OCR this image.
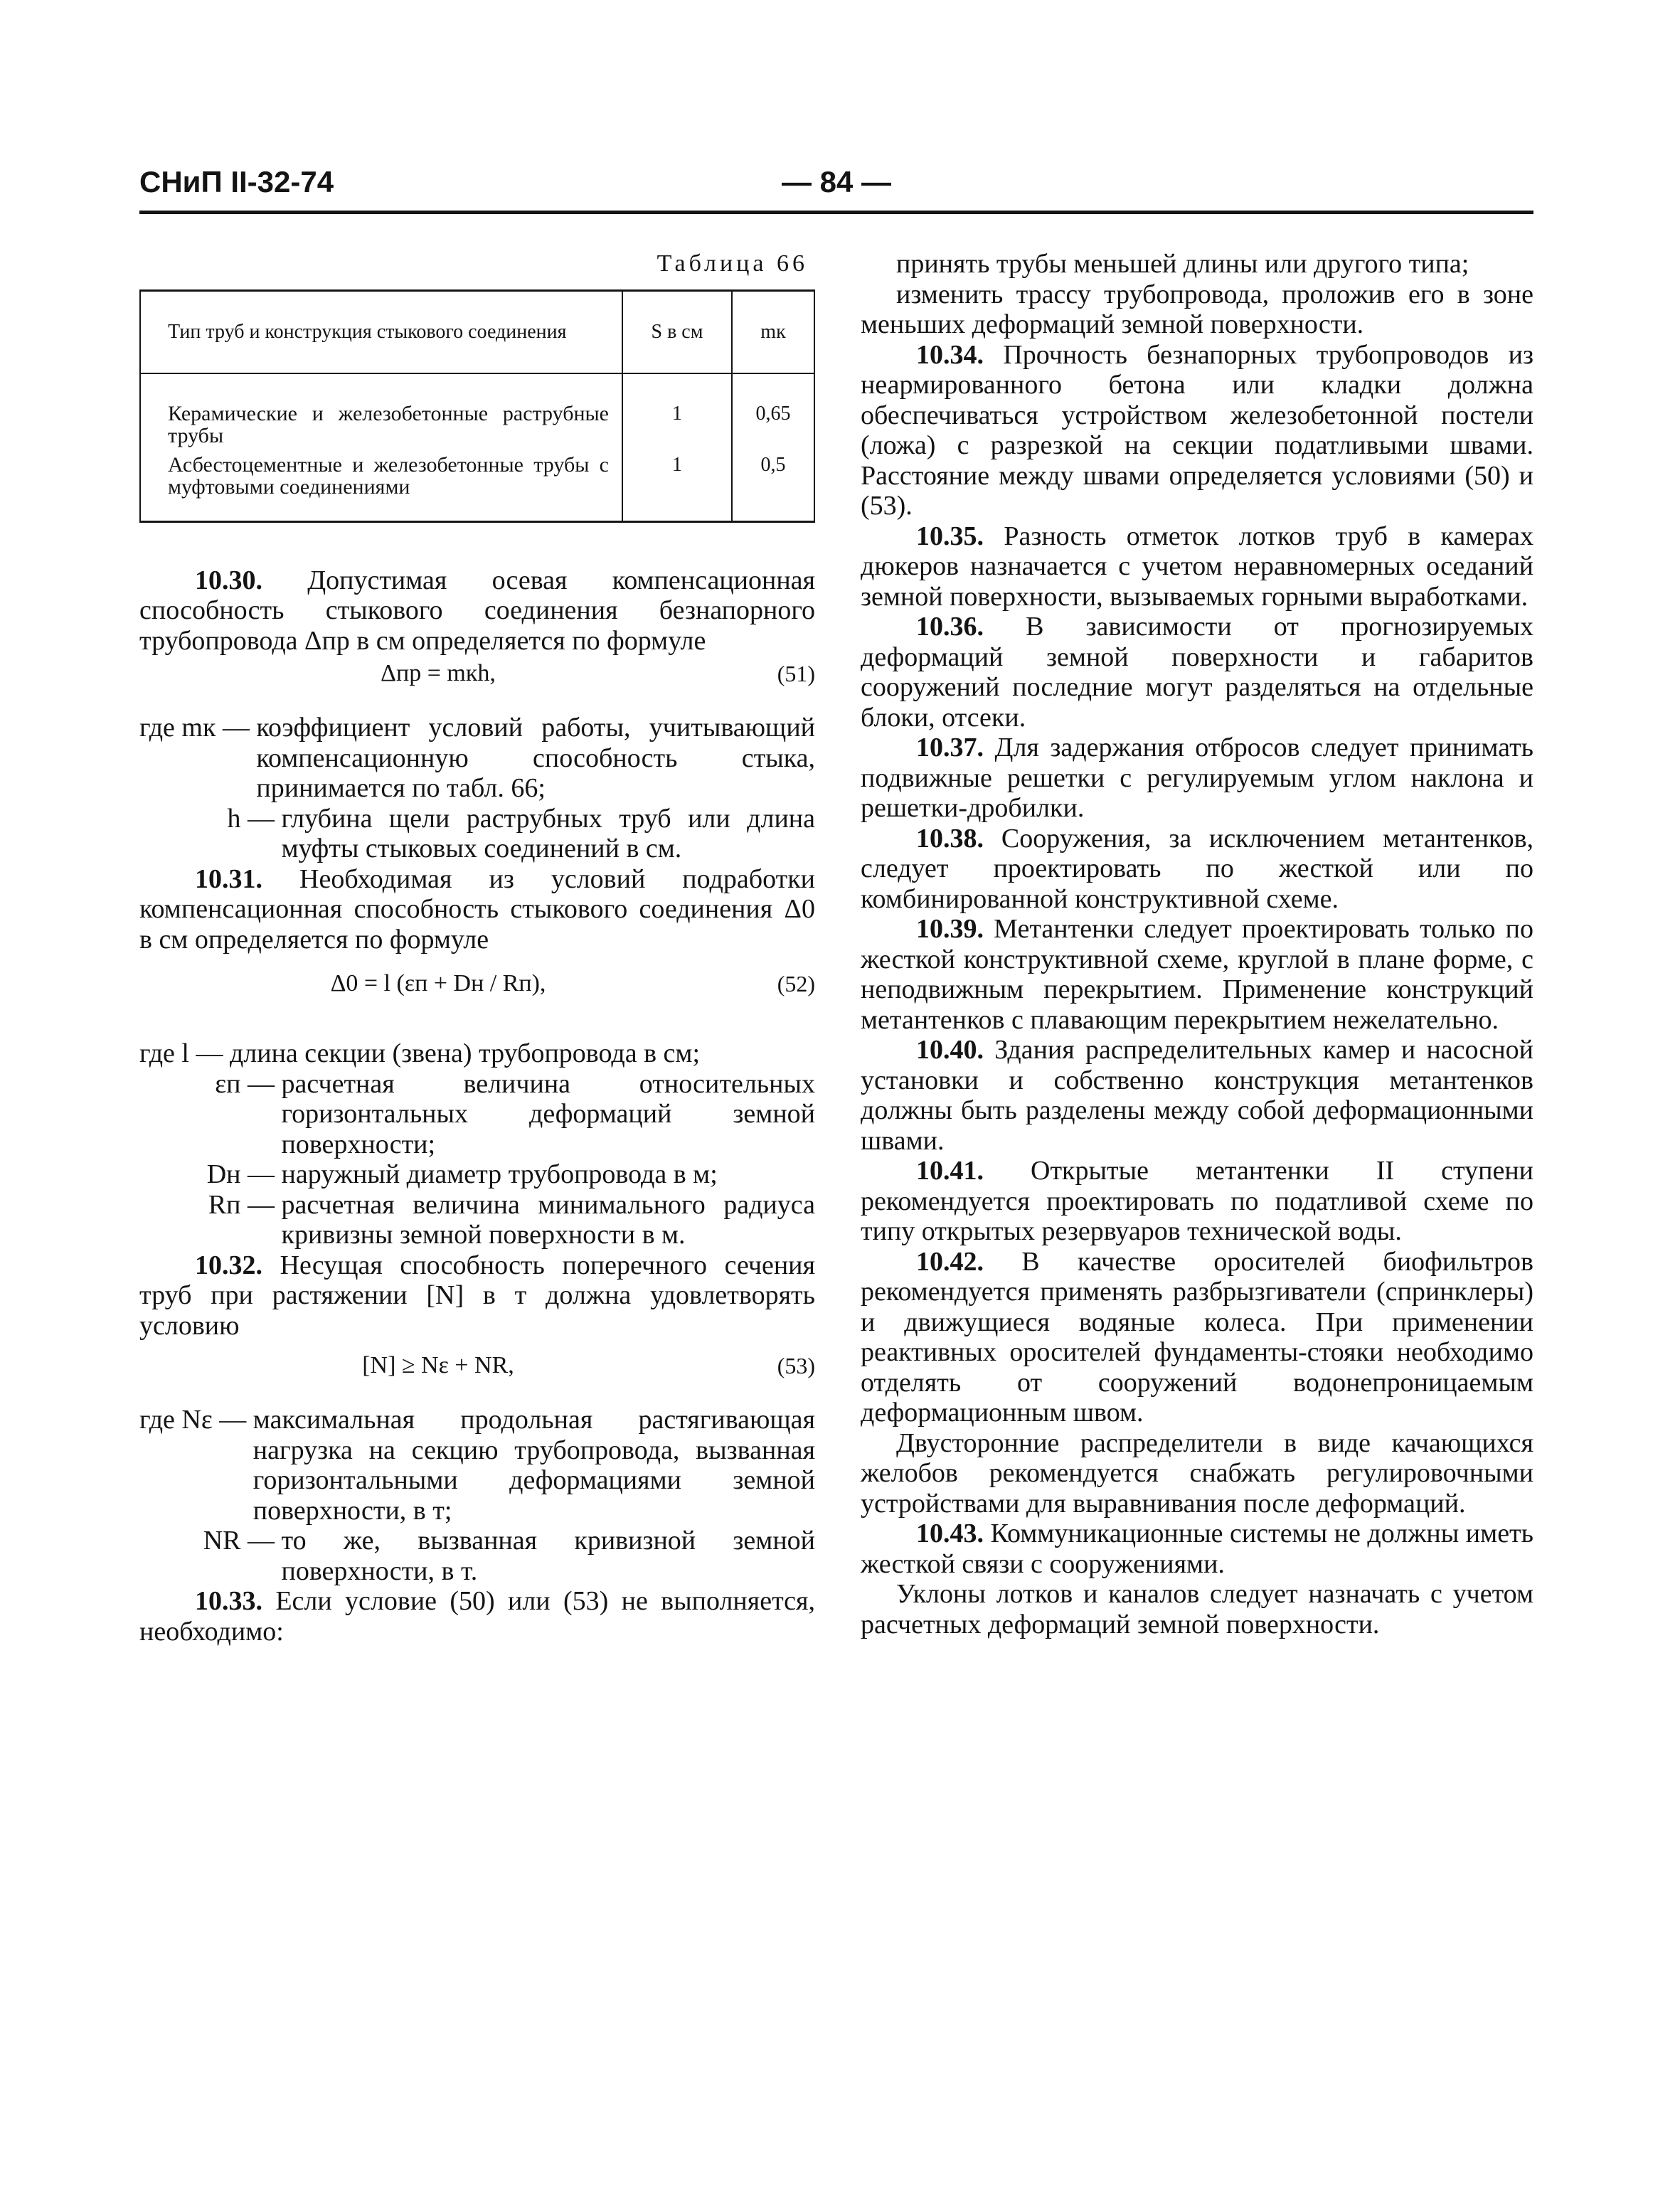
СНиП II-32-74	— 84 —
Таблица 66
Тип труб и конструкция стыкового соединения	S в см	mк
Керамические и железобетонные раструбные трубы	1	0,65
Асбестоцементные и железобетонные трубы с муфтовыми соединениями	1	0,5

10.30. Допустимая осевая компенсационная способность стыкового соединения безнапорного трубопровода Δпр в см определяется по формуле

Δпр = mкh,	(51)
где mк —
коэффициент условий работы, учитывающий компенсационную способность стыка, принимается по табл. 66;
h —
глубина щели раструбных труб или длина муфты стыковых соединений в см.

10.31. Необходимая из условий подработки компенсационная способность стыкового соединения Δ0 в см определяется по формуле

Δ0 = l (εп + Dн / Rп),	(52)
где l —
длина секции (звена) трубопровода в см;
εп —
расчетная величина относительных горизонтальных деформаций земной поверхности;
Dн —
наружный диаметр трубопровода в м;
Rп —
расчетная величина минимального радиуса кривизны земной поверхности в м.

10.32. Несущая способность поперечного сечения труб при растяжении [N] в т должна удовлетворять условию

[N] ≥ Nε + NR,	(53)
где Nε —
максимальная продольная растягивающая нагрузка на секцию трубопровода, вызванная горизонтальными деформациями земной поверхности, в т;
NR —
то же, вызванная кривизной земной поверхности, в т.

10.33. Если условие (50) или (53) не выполняется, необходимо:

принять трубы меньшей длины или другого типа;

изменить трассу трубопровода, проложив его в зоне меньших деформаций земной поверхности.

10.34. Прочность безнапорных трубопроводов из неармированного бетона или кладки должна обеспечиваться устройством железобетонной постели (ложа) с разрезкой на секции податливыми швами. Расстояние между швами определяется условиями (50) и (53).

10.35. Разность отметок лотков труб в камерах дюкеров назначается с учетом неравномерных оседаний земной поверхности, вызываемых горными выработками.

10.36. В зависимости от прогнозируемых деформаций земной поверхности и габаритов сооружений последние могут разделяться на отдельные блоки, отсеки.

10.37. Для задержания отбросов следует принимать подвижные решетки с регулируемым углом наклона и решетки-дробилки.

10.38. Сооружения, за исключением метантенков, следует проектировать по жесткой или по комбинированной конструктивной схеме.

10.39. Метантенки следует проектировать только по жесткой конструктивной схеме, круглой в плане форме, с неподвижным перекрытием. Применение конструкций метантенков с плавающим перекрытием нежелательно.

10.40. Здания распределительных камер и насосной установки и собственно конструкция метантенков должны быть разделены между собой деформационными швами.

10.41. Открытые метантенки II ступени рекомендуется проектировать по податливой схеме по типу открытых резервуаров технической воды.

10.42. В качестве оросителей биофильтров рекомендуется применять разбрызгиватели (спринклеры) и движущиеся водяные колеса. При применении реактивных оросителей фундаменты-стояки необходимо отделять от сооружений водонепроницаемым деформационным швом.

Двусторонние распределители в виде качающихся желобов рекомендуется снабжать регулировочными устройствами для выравнивания после деформаций.

10.43. Коммуникационные системы не должны иметь жесткой связи с сооружениями.

Уклоны лотков и каналов следует назначать с учетом расчетных деформаций земной поверхности.
